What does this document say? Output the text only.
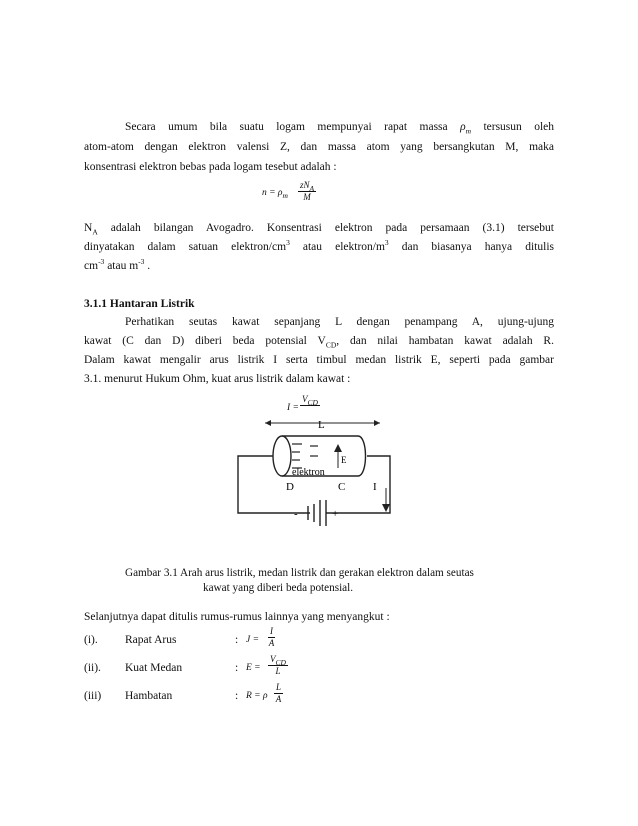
Secara umum bila suatu logam mempunyai rapat massa $\rho_m$ tersusun oleh
atom-atom dengan elektron valensi Z, dan massa atom yang bersangkutan M, maka
konsentrasi elektron bebas pada logam tesebut adalah :
$n = \rho_m$
$zN_A$
M
$N_A$ adalah bilangan Avogadro. Konsentrasi elektron pada persamaan (3.1) tersebut
dinyatakan dalam satuan elektron/$cm^3$ atau elektron/$m^3$ dan biasanya hanya ditulis
$cm^{-3}$ atau $m^{-3}$ .
3.1.1 Hantaran Listrik
Perhatikan seutas kawat sepanjang L dengan penampang A, ujung-ujung
kawat (C dan D) diberi beda potensial $V_{CD}$, dan nilai hambatan kawat adalah R.
Dalam kawat mengalir arus listrik I serta timbul medan listrik E, seperti pada gambar
3.1. menurut Hukum Ohm, kuat arus listrik dalam kawat :
I =
$V_{CD}$
L
E
elektron
-	+
D	C	I
Gambar 3.1 Arah arus listrik, medan listrik dan gerakan elektron dalam seutas
kawat yang diberi beda potensial.
Selanjutnya dapat ditulis rumus-rumus lainnya yang menyangkut :
(i). Rapat Arus	: $J = \frac{I}{A}$
(ii). Kuat Medan	: E =
$V_{CD}$
L
(iii) Hambatan	: R = ρ $\frac{L}{A}$
